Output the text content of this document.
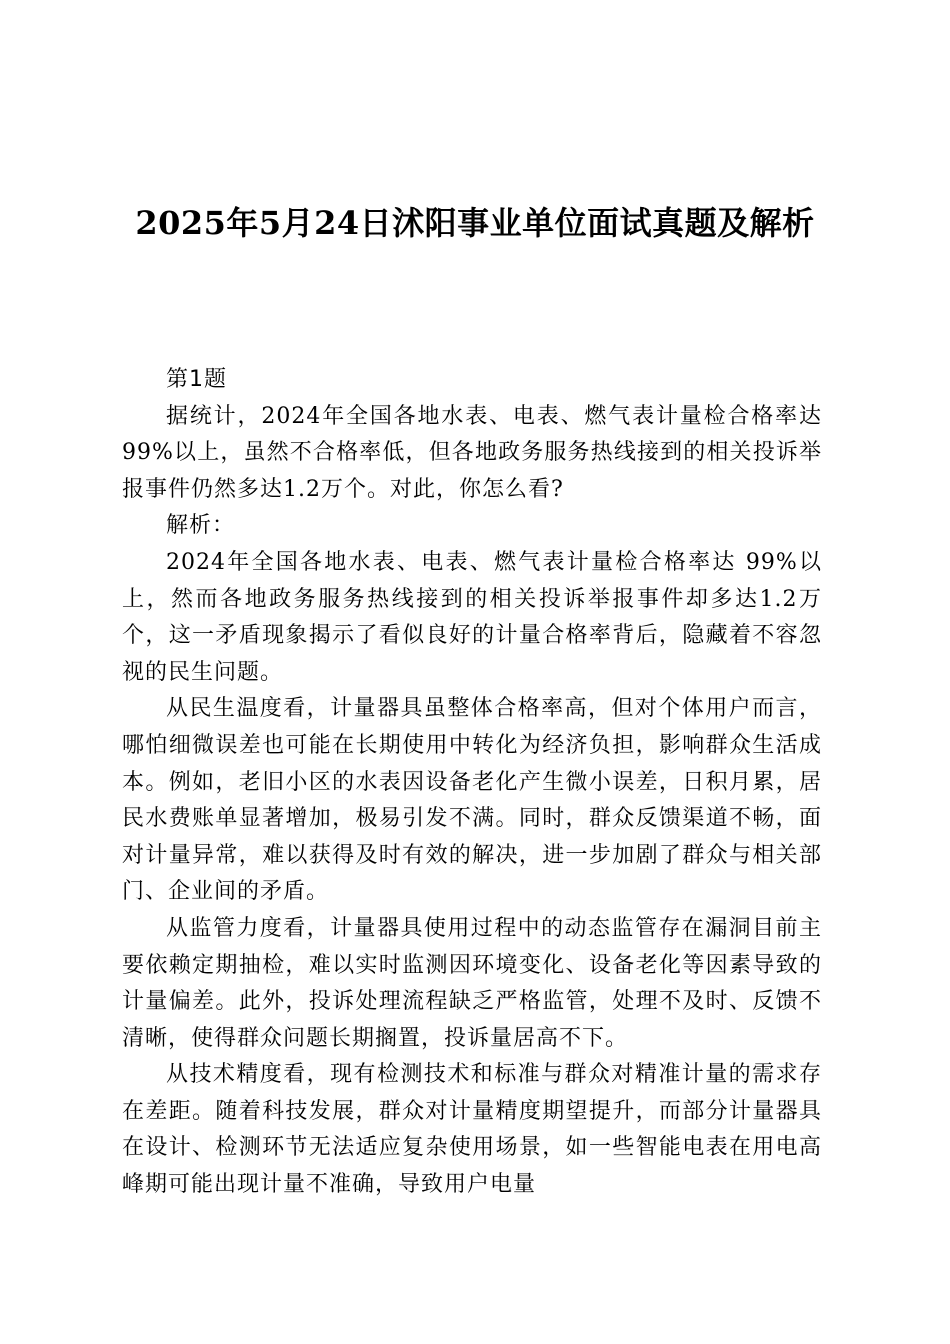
2025年5月24日沭阳事业单位面试真题及解析

第1题

据统计，2024年全国各地水表、电表、燃气表计量检合格率达99%以上，虽然不合格率低，但各地政务服务热线接到的相关投诉举报事件仍然多达1.2万个。对此，你怎么看?

解析：

2024年全国各地水表、电表、燃气表计量检合格率达 99%以上，然而各地政务服务热线接到的相关投诉举报事件却多达1.2万个，这一矛盾现象揭示了看似良好的计量合格率背后，隐藏着不容忽视的民生问题。

从民生温度看，计量器具虽整体合格率高，但对个体用户而言，哪怕细微误差也可能在长期使用中转化为经济负担，影响群众生活成本。例如，老旧小区的水表因设备老化产生微小误差，日积月累，居民水费账单显著增加，极易引发不满。同时，群众反馈渠道不畅，面对计量异常，难以获得及时有效的解决，进一步加剧了群众与相关部门、企业间的矛盾。

从监管力度看，计量器具使用过程中的动态监管存在漏洞目前主要依赖定期抽检，难以实时监测因环境变化、设备老化等因素导致的计量偏差。此外，投诉处理流程缺乏严格监管，处理不及时、反馈不清晰，使得群众问题长期搁置，投诉量居高不下。

从技术精度看，现有检测技术和标准与群众对精准计量的需求存在差距。随着科技发展，群众对计量精度期望提升，而部分计量器具在设计、检测环节无法适应复杂使用场景，如一些智能电表在用电高峰期可能出现计量不准确，导致用户电量
